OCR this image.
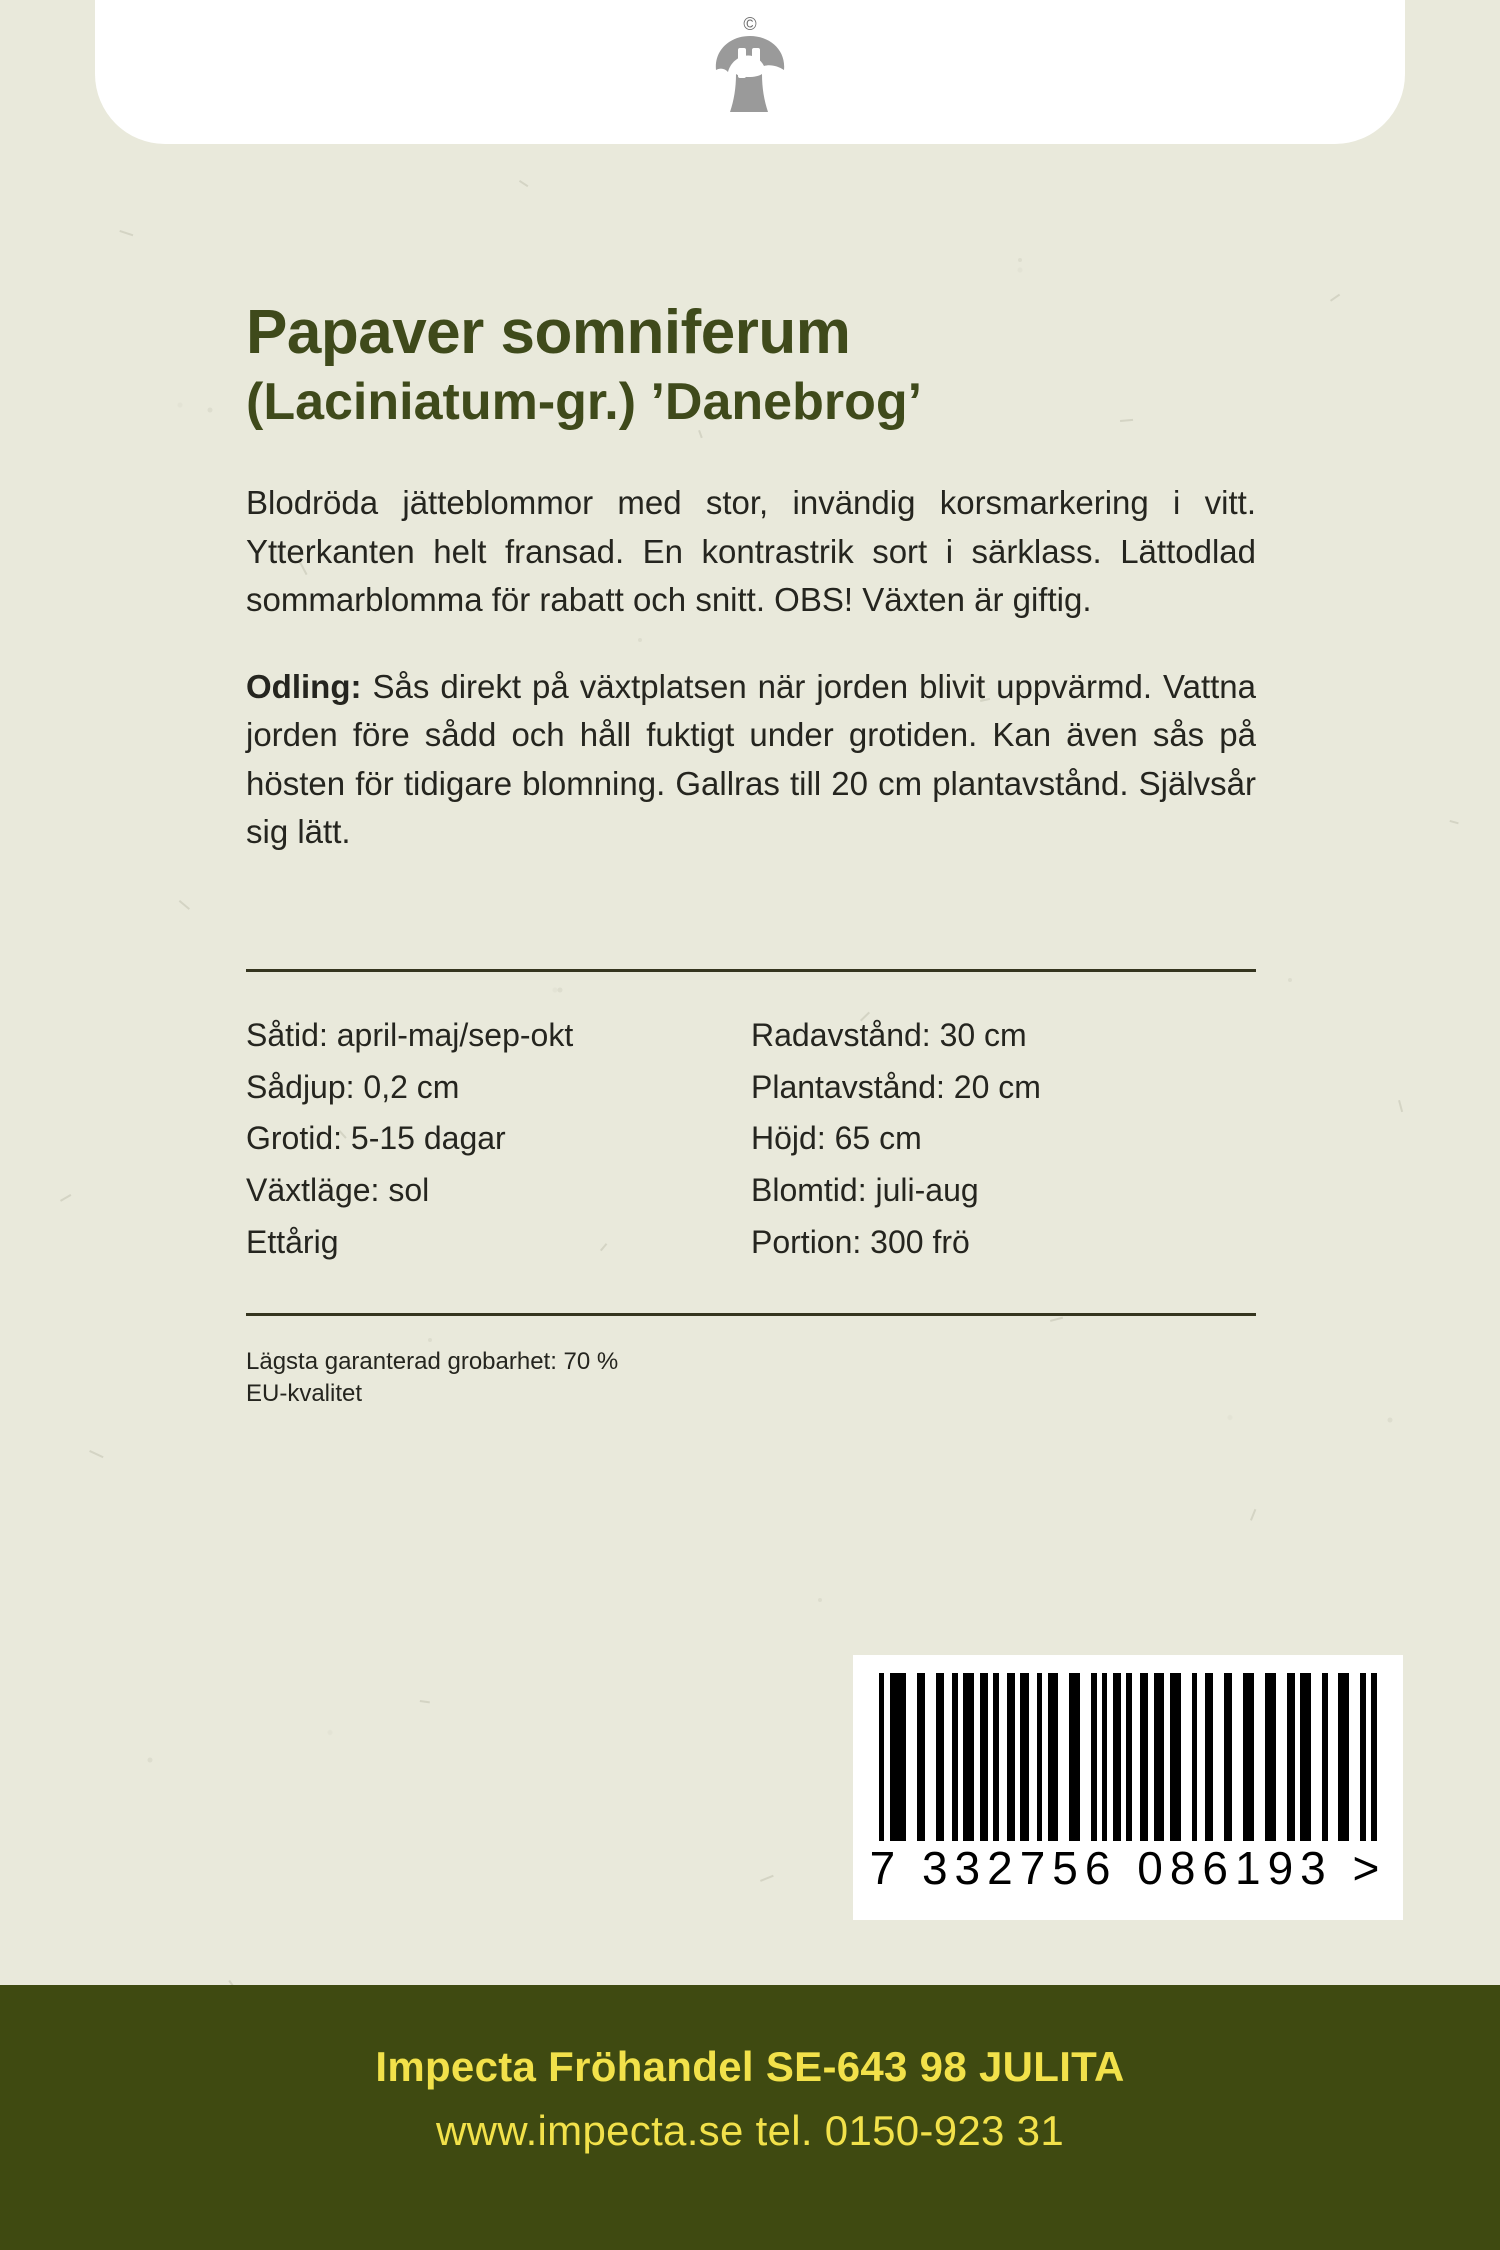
©
Papaver somniferum
(Laciniatum-gr.) ’Danebrog’

Blodröda jätteblommor med stor, invändig korsmarkering i vitt. Ytterkanten helt fransad. En kontrastrik sort i särklass. Lättodlad sommarblomma för rabatt och snitt. OBS! Växten är giftig.

Odling: Sås direkt på växtplatsen när jorden blivit uppvärmd. Vattna jorden före sådd och håll fuktigt under grotiden. Kan även sås på hösten för tidigare blomning. Gallras till 20 cm plantavstånd. Självsår sig lätt.

Såtid: april-maj/sep-okt
Sådjup: 0,2 cm
Grotid: 5-15 dagar
Växtläge: sol
Ettårig
Radavstånd: 30 cm
Plantavstånd: 20 cm
Höjd: 65 cm
Blomtid: juli-aug
Portion: 300 frö
Lägsta garanterad grobarhet: 70 %
EU-kvalitet
7 332756 086193 >
Impecta Fröhandel SE-643 98 JULITA
www.impecta.se tel. 0150-923 31
